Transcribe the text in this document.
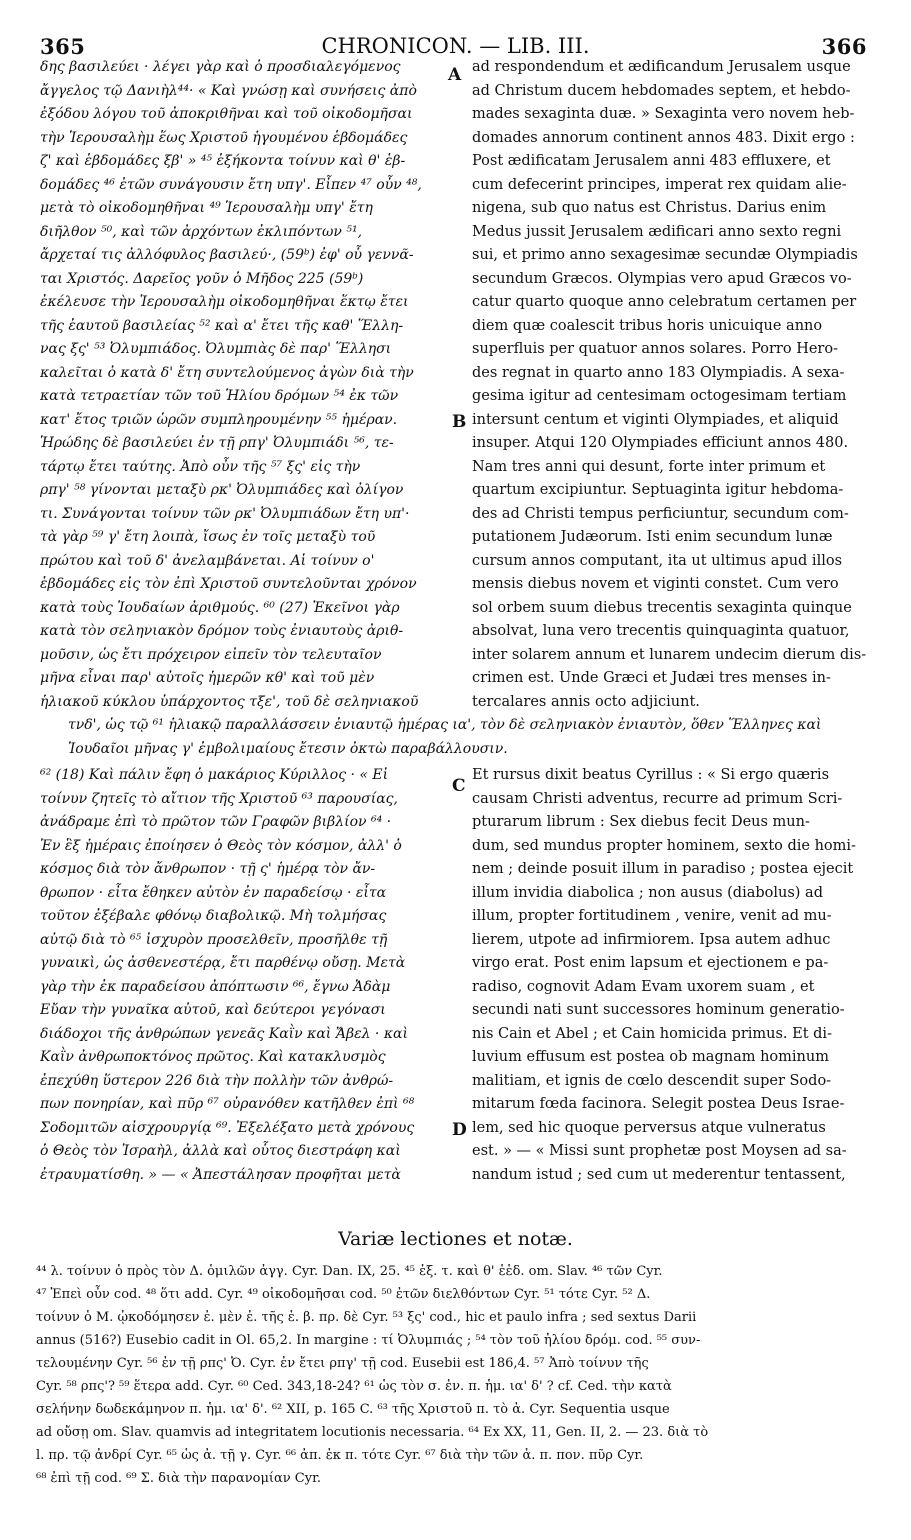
365	CHRONICON. — LIB. III.	366
δης βασιλεύει · λέγει γὰρ καὶ ὁ προσδιαλεγόμενος
ἄγγελος τῷ Δανιὴλ⁴⁴· « Καὶ γνώσῃ καὶ συνήσεις ἀπὸ
ἐξόδου λόγου τοῦ ἀποκριθῆναι καὶ τοῦ οἰκοδομῆσαι
τὴν Ἱερουσαλὴμ ἕως Χριστοῦ ἡγουμένου ἑβδομάδες
ζ' καὶ ἑβδομάδες ξβ' » ⁴⁵ ἑξήκοντα τοίνυν καὶ θ' ἑβ-
δομάδες ⁴⁶ ἐτῶν συνάγουσιν ἔτη υπγ'. Εἶπεν ⁴⁷ οὖν ⁴⁸,
μετὰ τὸ οἰκοδομηθῆναι ⁴⁹ Ἱερουσαλὴμ υπγ' ἔτη
διῆλθον ⁵⁰, καὶ τῶν ἀρχόντων ἐκλιπόντων ⁵¹,
ἄρχεταί τις ἀλλόφυλος βασιλεύ·, (59ᵇ) ἐφ' οὗ γεννᾶ-
ται Χριστός. Δαρεῖος γοῦν ὁ Μῆδος 225 (59ᵇ)
ἐκέλευσε τὴν Ἱερουσαλὴμ οἰκοδομηθῆναι ἕκτῳ ἔτει
τῆς ἑαυτοῦ βασιλείας ⁵² καὶ α' ἔτει τῆς καθ' Ἕλλη-
νας ξς' ⁵³ Ὀλυμπιάδος. Ὀλυμπιὰς δὲ παρ' Ἕλλησι
καλεῖται ὁ κατὰ δ' ἔτη συντελούμενος ἀγὼν διὰ τὴν
κατὰ τετραετίαν τῶν τοῦ Ἡλίου δρόμων ⁵⁴ ἐκ τῶν
κατ' ἔτος τριῶν ὡρῶν συμπληρουμένην ⁵⁵ ἡμέραν.
Ἡρώδης δὲ βασιλεύει ἐν τῇ ρπγ' Ὀλυμπιάδι ⁵⁶, τε-
τάρτῳ ἔτει ταύτης. Ἀπὸ οὖν τῆς ⁵⁷ ξς' εἰς τὴν
ρπγ' ⁵⁸ γίνονται μεταξὺ ρκ' Ὀλυμπιάδες καὶ ὀλίγον
τι. Συνάγονται τοίνυν τῶν ρκ' Ὀλυμπιάδων ἔτη υπ'·
τὰ γὰρ ⁵⁹ γ' ἔτη λοιπὰ, ἴσως ἐν τοῖς μεταξὺ τοῦ
πρώτου καὶ τοῦ δ' ἀνελαμβάνεται. Αἱ τοίνυν ο'
ἑβδομάδες εἰς τὸν ἐπὶ Χριστοῦ συντελοῦνται χρόνον
κατὰ τοὺς Ἰουδαίων ἀριθμούς. ⁶⁰ (27) Ἐκεῖνοι γὰρ
κατὰ τὸν σεληνιακὸν δρόμον τοὺς ἐνιαυτοὺς ἀριθ-
μοῦσιν, ὡς ἔτι πρόχειρον εἰπεῖν τὸν τελευταῖον
μῆνα εἶναι παρ' αὐτοῖς ἡμερῶν κθ' καὶ τοῦ μὲν
ἡλιακοῦ κύκλου ὑπάρχοντος τξε', τοῦ δὲ σεληνιακοῦ
ad respondendum et ædificandum Jerusalem usque
ad Christum ducem hebdomades septem, et hebdo-
mades sexaginta duæ. » Sexaginta vero novem heb-
domades annorum continent annos 483. Dixit ergo :
Post ædificatam Jerusalem anni 483 effluxere, et
cum defecerint principes, imperat rex quidam alie-
nigena, sub quo natus est Christus. Darius enim
Medus jussit Jerusalem ædificari anno sexto regni
sui, et primo anno sexagesimæ secundæ Olympiadis
secundum Græcos. Olympias vero apud Græcos vo-
catur quarto quoque anno celebratum certamen per
diem quæ coalescit tribus horis unicuique anno
superfluis per quatuor annos solares. Porro Hero-
des regnat in quarto anno 183 Olympiadis. A sexa-
gesima igitur ad centesimam octogesimam tertiam
intersunt centum et viginti Olympiades, et aliquid
insuper. Atqui 120 Olympiades efficiunt annos 480.
Nam tres anni qui desunt, forte inter primum et
quartum excipiuntur. Septuaginta igitur hebdoma-
des ad Christi tempus perficiuntur, secundum com-
putationem Judæorum. Isti enim secundum lunæ
cursum annos computant, ita ut ultimus apud illos
mensis diebus novem et viginti constet. Cum vero
sol orbem suum diebus trecentis sexaginta quinque
absolvat, luna vero trecentis quinquaginta quatuor,
inter solarem annum et lunarem undecim dierum dis-
crimen est. Unde Græci et Judæi tres menses in-
tercalares annis octo adjiciunt.
A
B
τνδ', ὡς τῷ ⁶¹ ἡλιακῷ παραλλάσσειν ἐνιαυτῷ ἡμέρας ια', τὸν δὲ σεληνιακὸν ἐνιαυτὸν, ὅθεν Ἕλληνες καὶ
Ἰουδαῖοι μῆνας γ' ἐμβολιμαίους ἔτεσιν ὀκτὼ παραβάλλουσιν.
⁶² (18) Καὶ πάλιν ἔφη ὁ μακάριος Κύριλλος · « Εἰ
τοίνυν ζητεῖς τὸ αἴτιον τῆς Χριστοῦ ⁶³ παρουσίας,
ἀνάδραμε ἐπὶ τὸ πρῶτον τῶν Γραφῶν βιβλίον ⁶⁴ ·
Ἐν ἓξ ἡμέραις ἐποίησεν ὁ Θεὸς τὸν κόσμον, ἀλλ' ὁ
κόσμος διὰ τὸν ἄνθρωπον · τῇ ς' ἡμέρᾳ τὸν ἄν-
θρωπον · εἶτα ἔθηκεν αὐτὸν ἐν παραδείσῳ · εἶτα
τοῦτον ἐξέβαλε φθόνῳ διαβολικῷ. Μὴ τολμήσας
αὐτῷ διὰ τὸ ⁶⁵ ἰσχυρὸν προσελθεῖν, προσῆλθε τῇ
γυναικὶ, ὡς ἀσθενεστέρᾳ, ἔτι παρθένῳ οὔσῃ. Μετὰ
γὰρ τὴν ἐκ παραδείσου ἀπόπτωσιν ⁶⁶, ἔγνω Ἀδὰμ
Εὔαν τὴν γυναῖκα αὐτοῦ, καὶ δεύτεροι γεγόνασι
διάδοχοι τῆς ἀνθρώπων γενεᾶς Καῒν καὶ Ἄβελ · καὶ
Καῒν ἀνθρωποκτόνος πρῶτος. Καὶ κατακλυσμὸς
ἐπεχύθη ὕστερον 226 διὰ τὴν πολλὴν τῶν ἀνθρώ-
πων πονηρίαν, καὶ πῦρ ⁶⁷ οὐρανόθεν κατῆλθεν ἐπὶ ⁶⁸
Σοδομιτῶν αἰσχρουργίᾳ ⁶⁹. Ἐξελέξατο μετὰ χρόνους
ὁ Θεὸς τὸν Ἰσραὴλ, ἀλλὰ καὶ οὗτος διεστράφη καὶ
ἐτραυματίσθη. » — « Ἀπεστάλησαν προφῆται μετὰ
Et rursus dixit beatus Cyrillus : « Si ergo quæris
causam Christi adventus, recurre ad primum Scri-
pturarum librum : Sex diebus fecit Deus mun-
dum, sed mundus propter hominem, sexto die homi-
nem ; deinde posuit illum in paradiso ; postea ejecit
illum invidia diabolica ; non ausus (diabolus) ad
illum, propter fortitudinem , venire, venit ad mu-
lierem, utpote ad infirmiorem. Ipsa autem adhuc
virgo erat. Post enim lapsum et ejectionem e pa-
radiso, cognovit Adam Evam uxorem suam , et
secundi nati sunt successores hominum generatio-
nis Cain et Abel ; et Cain homicida primus. Et di-
luvium effusum est postea ob magnam hominum
malitiam, et ignis de cœlo descendit super Sodo-
mitarum fœda facinora. Selegit postea Deus Israe-
lem, sed hic quoque perversus atque vulneratus
est. » — « Missi sunt prophetæ post Moysen ad sa-
nandum istud ; sed cum ut mederentur tentassent,
C
D
Variæ lectiones et notæ.
⁴⁴ λ. τοίνυν ὁ πρὸς τὸν Δ. ὁμιλῶν ἀγγ. Cyr. Dan. IX, 25. ⁴⁵ ἑξ. τ. καὶ θ' ἑἑδ. om. Slav. ⁴⁶ τῶν Cyr.
⁴⁷ Ἐπεὶ οὖν cod. ⁴⁸ ὅτι add. Cyr. ⁴⁹ οἰκοδομῆσαι cod. ⁵⁰ ἐτῶν διελθόντων Cyr. ⁵¹ τότε Cyr. ⁵² Δ.
τοίνυν ὁ M. ᾠκοδόμησεν ἐ. μὲν ἐ. τῆς ἑ. β. πρ. δὲ Cyr. ⁵³ ξς' cod., hic et paulo infra ; sed sextus Darii
annus (516?) Eusebio cadit in Ol. 65,2. In margine : τί Ὀλυμπιάς ; ⁵⁴ τὸν τοῦ ἡλίου δρόμ. cod. ⁵⁵ συν-
τελουμένην Cyr. ⁵⁶ ἐν τῇ ρπς' Ὀ. Cyr. ἐν ἔτει ρπγ' τῇ cod. Eusebii est 186,4. ⁵⁷ Ἀπὸ τοίνυν τῆς
Cyr. ⁵⁸ ρπς'? ⁵⁹ ἕτερα add. Cyr. ⁶⁰ Ced. 343,18-24? ⁶¹ ὡς τὸν σ. ἐν. π. ἡμ. ια' δ' ? cf. Ced. τὴν κατὰ
σελήνην δωδεκάμηνον π. ἡμ. ια' δ'. ⁶² XII, p. 165 C. ⁶³ τῆς Χριστοῦ π. τὸ ἀ. Cyr. Sequentia usque
ad οὔσῃ om. Slav. quamvis ad integritatem locutionis necessaria. ⁶⁴ Ex XX, 11, Gen. II, 2. — 23. διὰ τὸ
l. πρ. τῷ ἀνδρί Cyr. ⁶⁵ ὡς ἀ. τῇ γ. Cyr. ⁶⁶ ἀπ. ἐκ π. τότε Cyr. ⁶⁷ διὰ τὴν τῶν ἀ. π. πον. πῦρ Cyr.
⁶⁸ ἐπὶ τῇ cod. ⁶⁹ Σ. διὰ τὴν παρανομίαν Cyr.
